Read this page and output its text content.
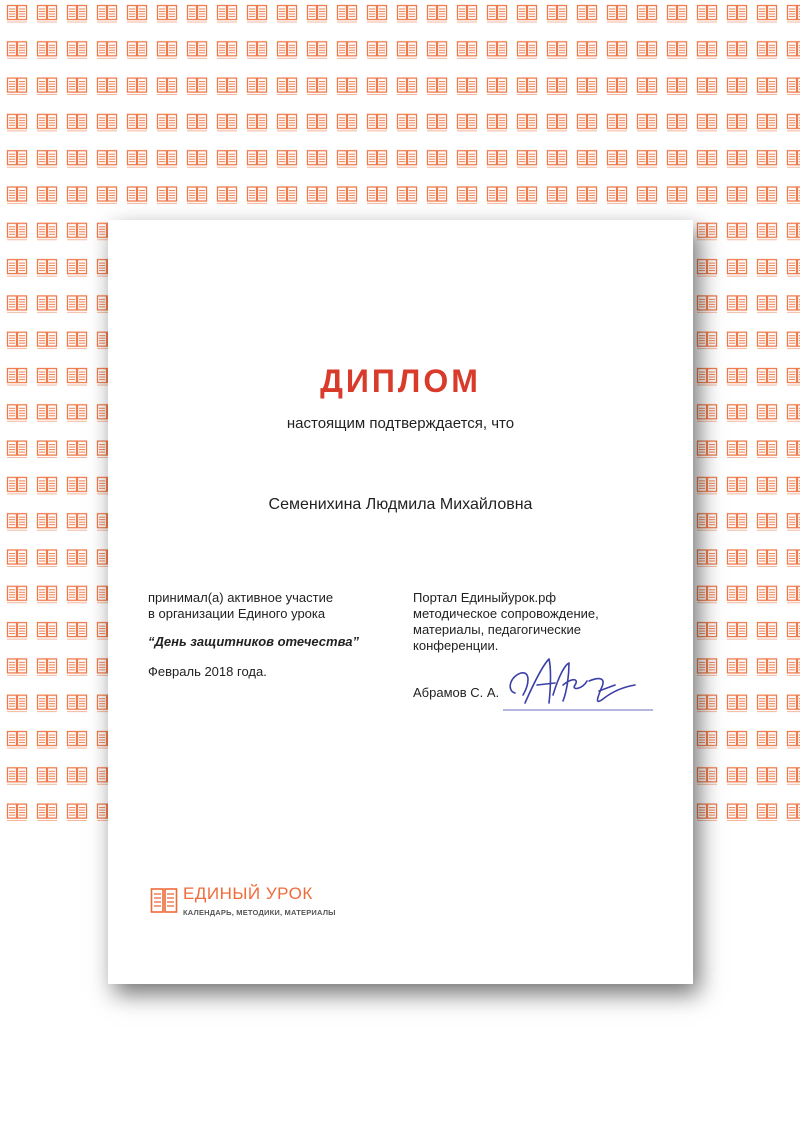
ДИПЛОМ
настоящим подтверждается, что
Семенихина Людмила Михайловна
принимал(а) активное участие
в организации Единого урока
“День защитников отечества”
Февраль 2018 года.
Портал Единыйурок.рф
методическое сопровождение,
материалы, педагогические
конференции.
Абрамов С. А.
ЕДИНЫЙ УРОК
КАЛЕНДАРЬ, МЕТОДИКИ, МАТЕРИАЛЫ
